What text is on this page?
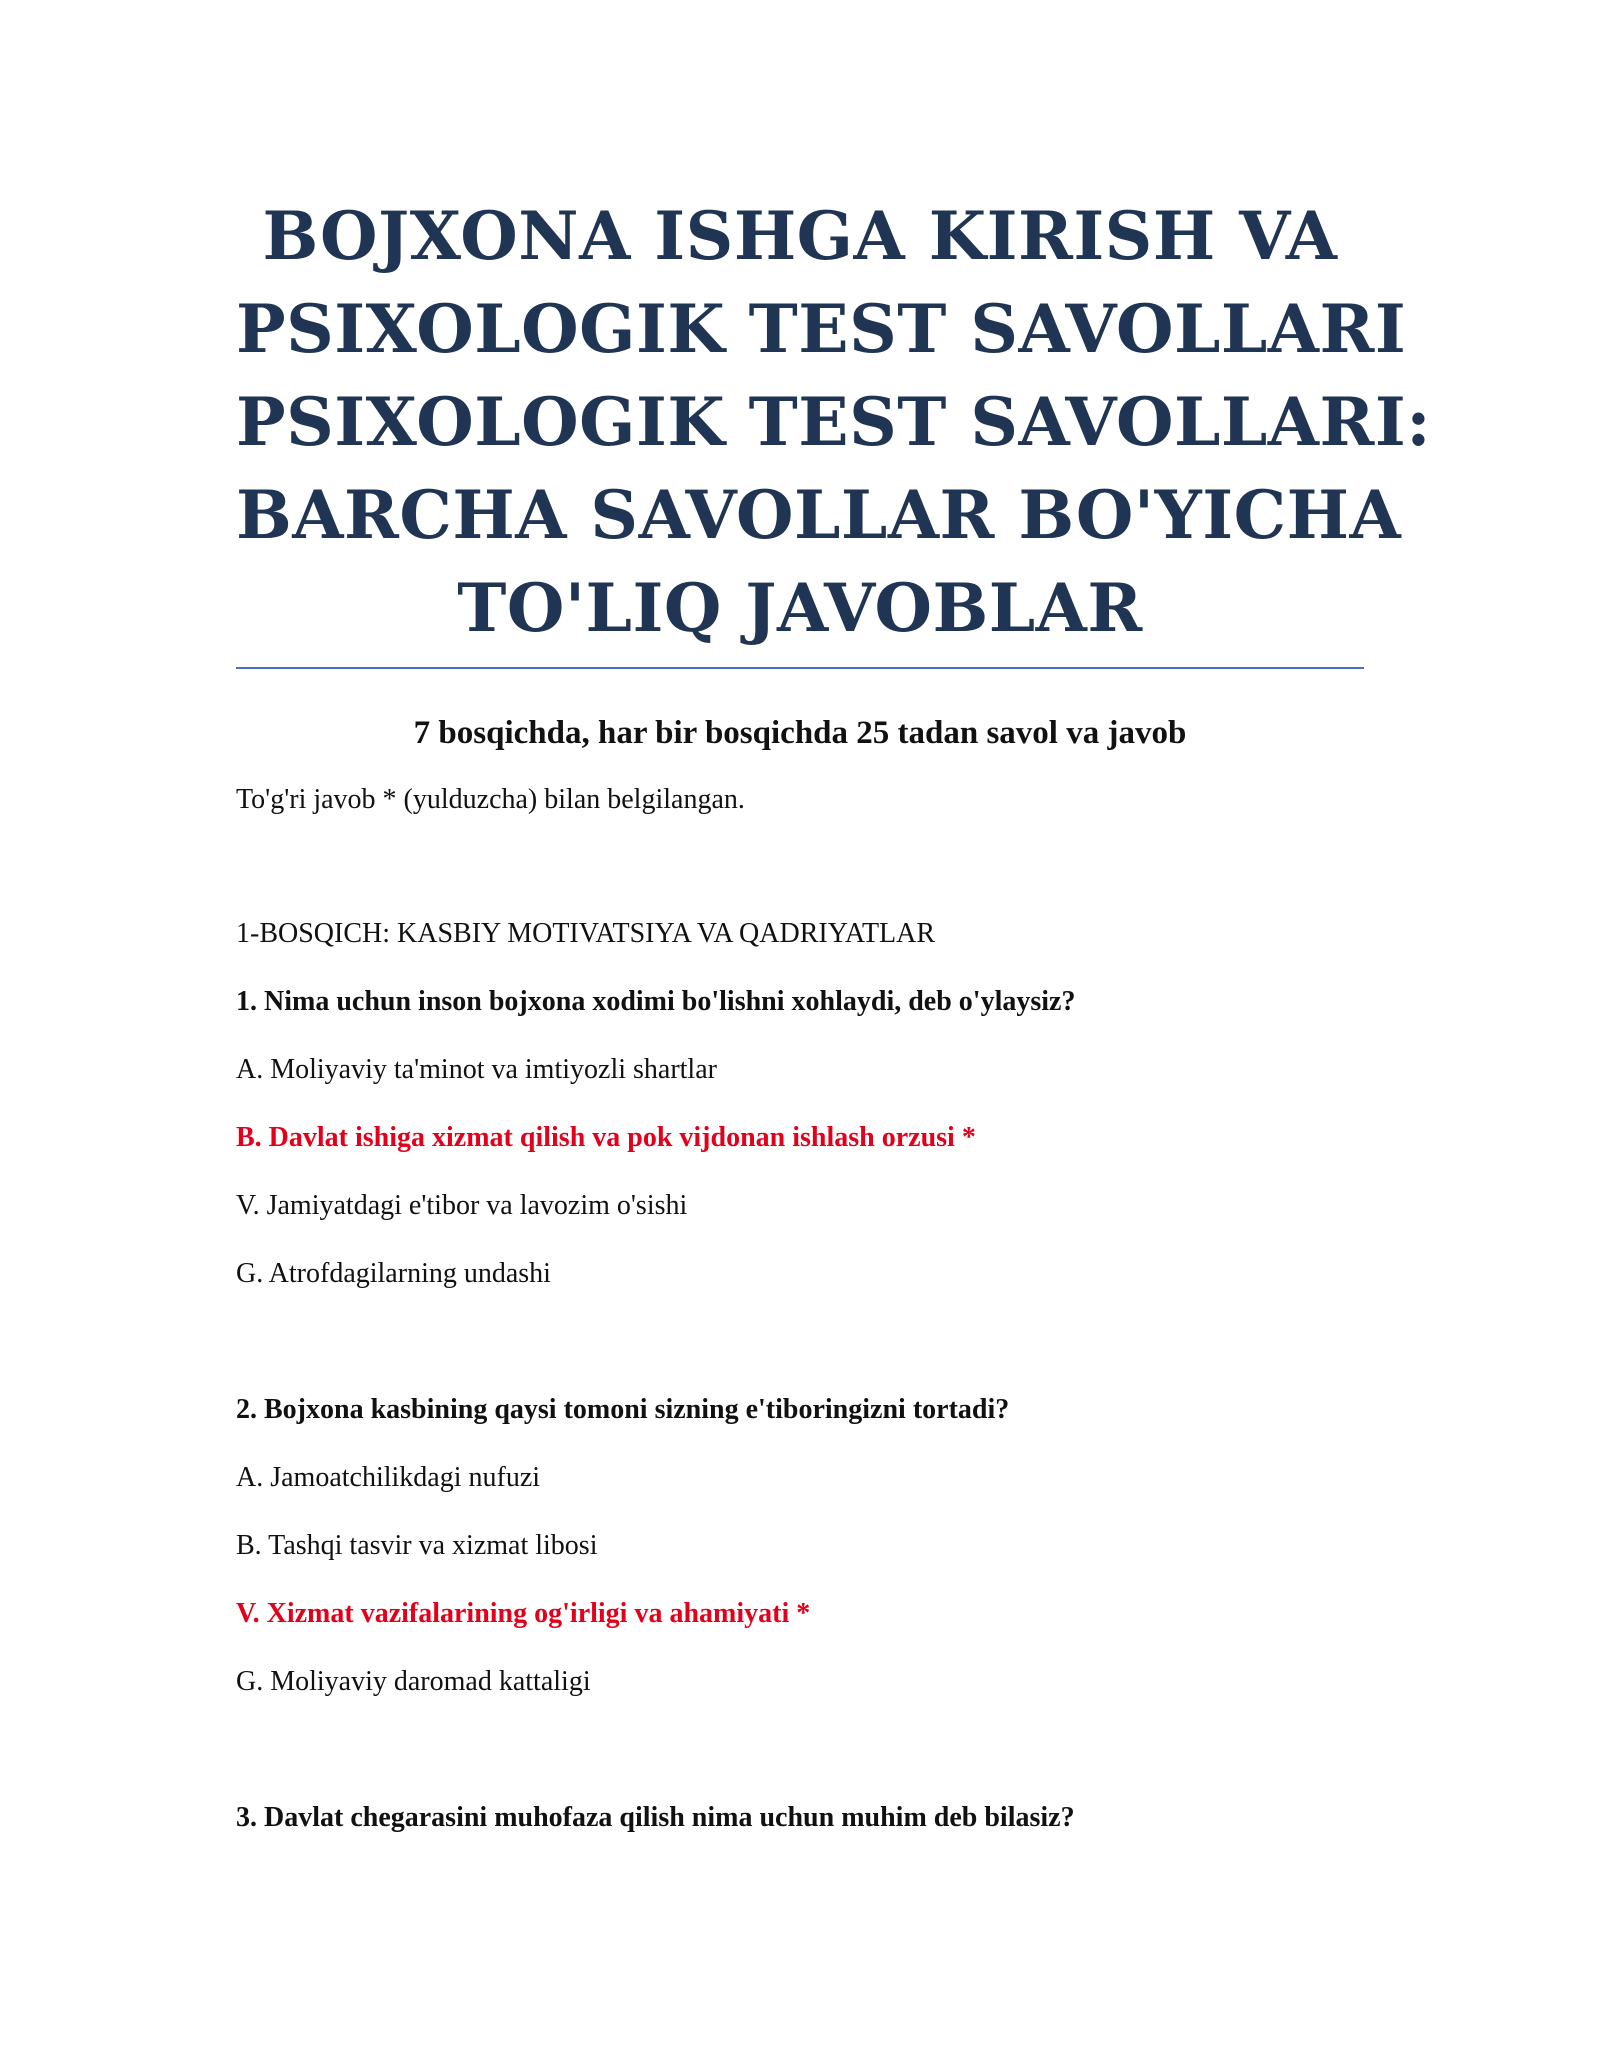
BOJXONA ISHGA KIRISH VA
PSIXOLOGIK TEST SAVOLLARI
PSIXOLOGIK TEST SAVOLLARI:
BARCHA SAVOLLAR BO'YICHA
TO'LIQ JAVOBLAR
7 bosqichda, har bir bosqichda 25 tadan savol va javob
To'g'ri javob * (yulduzcha) bilan belgilangan.
1-BOSQICH: KASBIY MOTIVATSIYA VA QADRIYATLAR
1. Nima uchun inson bojxona xodimi bo'lishni xohlaydi, deb o'ylaysiz?
A. Moliyaviy ta'minot va imtiyozli shartlar
B. Davlat ishiga xizmat qilish va pok vijdonan ishlash orzusi *
V. Jamiyatdagi e'tibor va lavozim o'sishi
G. Atrofdagilarning undashi
2. Bojxona kasbining qaysi tomoni sizning e'tiboringizni tortadi?
A. Jamoatchilikdagi nufuzi
B. Tashqi tasvir va xizmat libosi
V. Xizmat vazifalarining og'irligi va ahamiyati *
G. Moliyaviy daromad kattaligi
3. Davlat chegarasini muhofaza qilish nima uchun muhim deb bilasiz?
